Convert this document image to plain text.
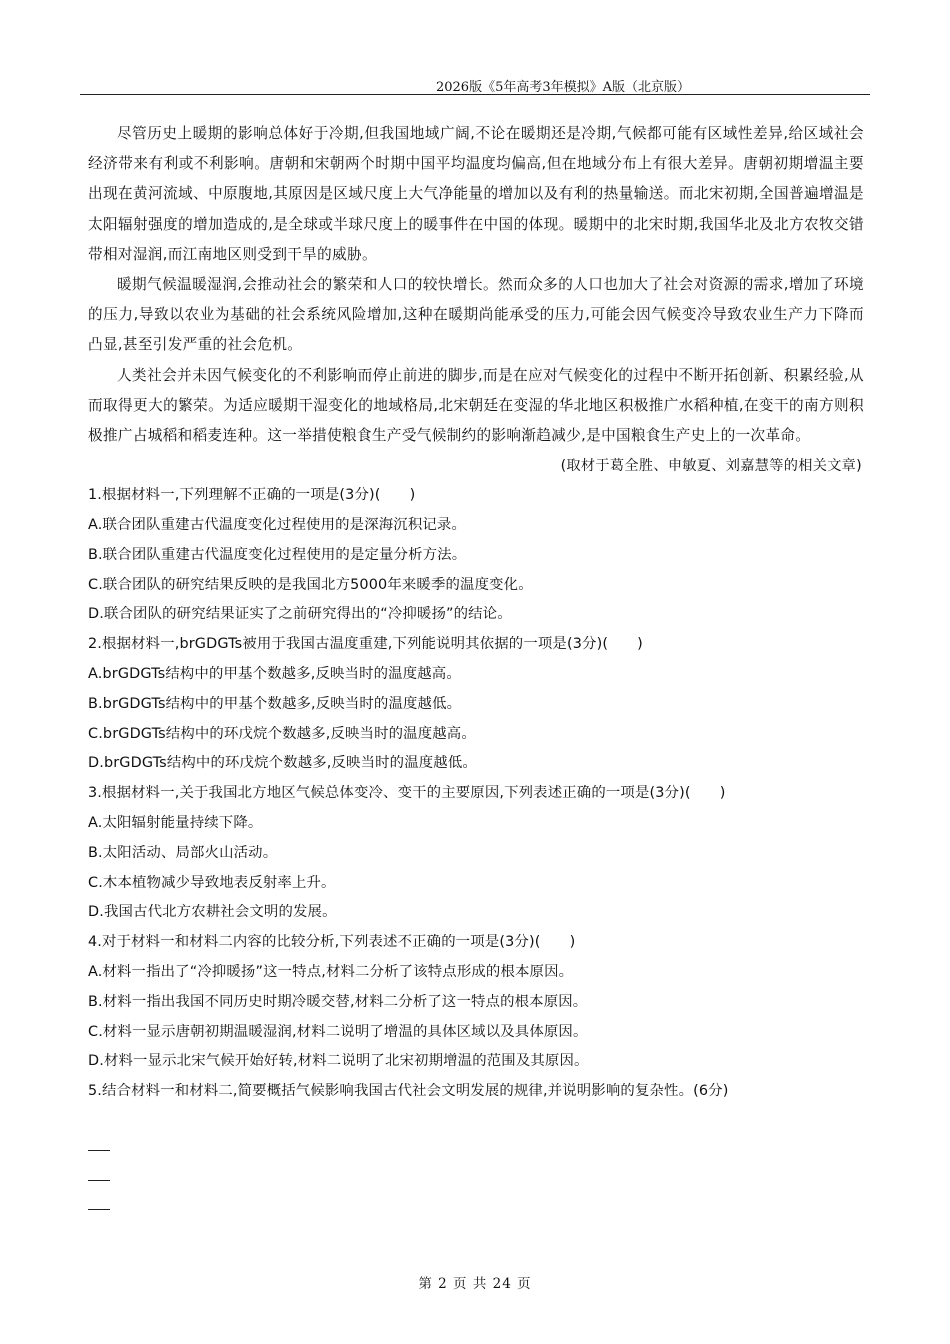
2026版《5年高考3年模拟》A版（北京版）

尽管历史上暖期的影响总体好于冷期,但我国地域广阔,不论在暖期还是冷期,气候都可能有区域性差异,给区域社会经济带来有利或不利影响。唐朝和宋朝两个时期中国平均温度均偏高,但在地域分布上有很大差异。唐朝初期增温主要出现在黄河流域、中原腹地,其原因是区域尺度上大气净能量的增加以及有利的热量输送。而北宋初期,全国普遍增温是太阳辐射强度的增加造成的,是全球或半球尺度上的暖事件在中国的体现。暖期中的北宋时期,我国华北及北方农牧交错带相对湿润,而江南地区则受到干旱的威胁。

暖期气候温暖湿润,会推动社会的繁荣和人口的较快增长。然而众多的人口也加大了社会对资源的需求,增加了环境的压力,导致以农业为基础的社会系统风险增加,这种在暖期尚能承受的压力,可能会因气候变冷导致农业生产力下降而凸显,甚至引发严重的社会危机。

人类社会并未因气候变化的不利影响而停止前进的脚步,而是在应对气候变化的过程中不断开拓创新、积累经验,从而取得更大的繁荣。为适应暖期干湿变化的地域格局,北宋朝廷在变湿的华北地区积极推广水稻种植,在变干的南方则积极推广占城稻和稻麦连种。这一举措使粮食生产受气候制约的影响渐趋减少,是中国粮食生产史上的一次革命。

(取材于葛全胜、申敏夏、刘嘉慧等的相关文章)
1.根据材料一,下列理解不正确的一项是(3分)(　　)
A.联合团队重建古代温度变化过程使用的是深海沉积记录。
B.联合团队重建古代温度变化过程使用的是定量分析方法。
C.联合团队的研究结果反映的是我国北方5000年来暖季的温度变化。
D.联合团队的研究结果证实了之前研究得出的“冷抑暖扬”的结论。
2.根据材料一,brGDGTs被用于我国古温度重建,下列能说明其依据的一项是(3分)(　　)
A.brGDGTs结构中的甲基个数越多,反映当时的温度越高。
B.brGDGTs结构中的甲基个数越多,反映当时的温度越低。
C.brGDGTs结构中的环戊烷个数越多,反映当时的温度越高。
D.brGDGTs结构中的环戊烷个数越多,反映当时的温度越低。
3.根据材料一,关于我国北方地区气候总体变冷、变干的主要原因,下列表述正确的一项是(3分)(　　)
A.太阳辐射能量持续下降。
B.太阳活动、局部火山活动。
C.木本植物减少导致地表反射率上升。
D.我国古代北方农耕社会文明的发展。
4.对于材料一和材料二内容的比较分析,下列表述不正确的一项是(3分)(　　)
A.材料一指出了“冷抑暖扬”这一特点,材料二分析了该特点形成的根本原因。
B.材料一指出我国不同历史时期冷暖交替,材料二分析了这一特点的根本原因。
C.材料一显示唐朝初期温暖湿润,材料二说明了增温的具体区域以及具体原因。
D.材料一显示北宋气候开始好转,材料二说明了北宋初期增温的范围及其原因。
5.结合材料一和材料二,简要概括气候影响我国古代社会文明发展的规律,并说明影响的复杂性。(6分)
第 2 页 共 24 页
